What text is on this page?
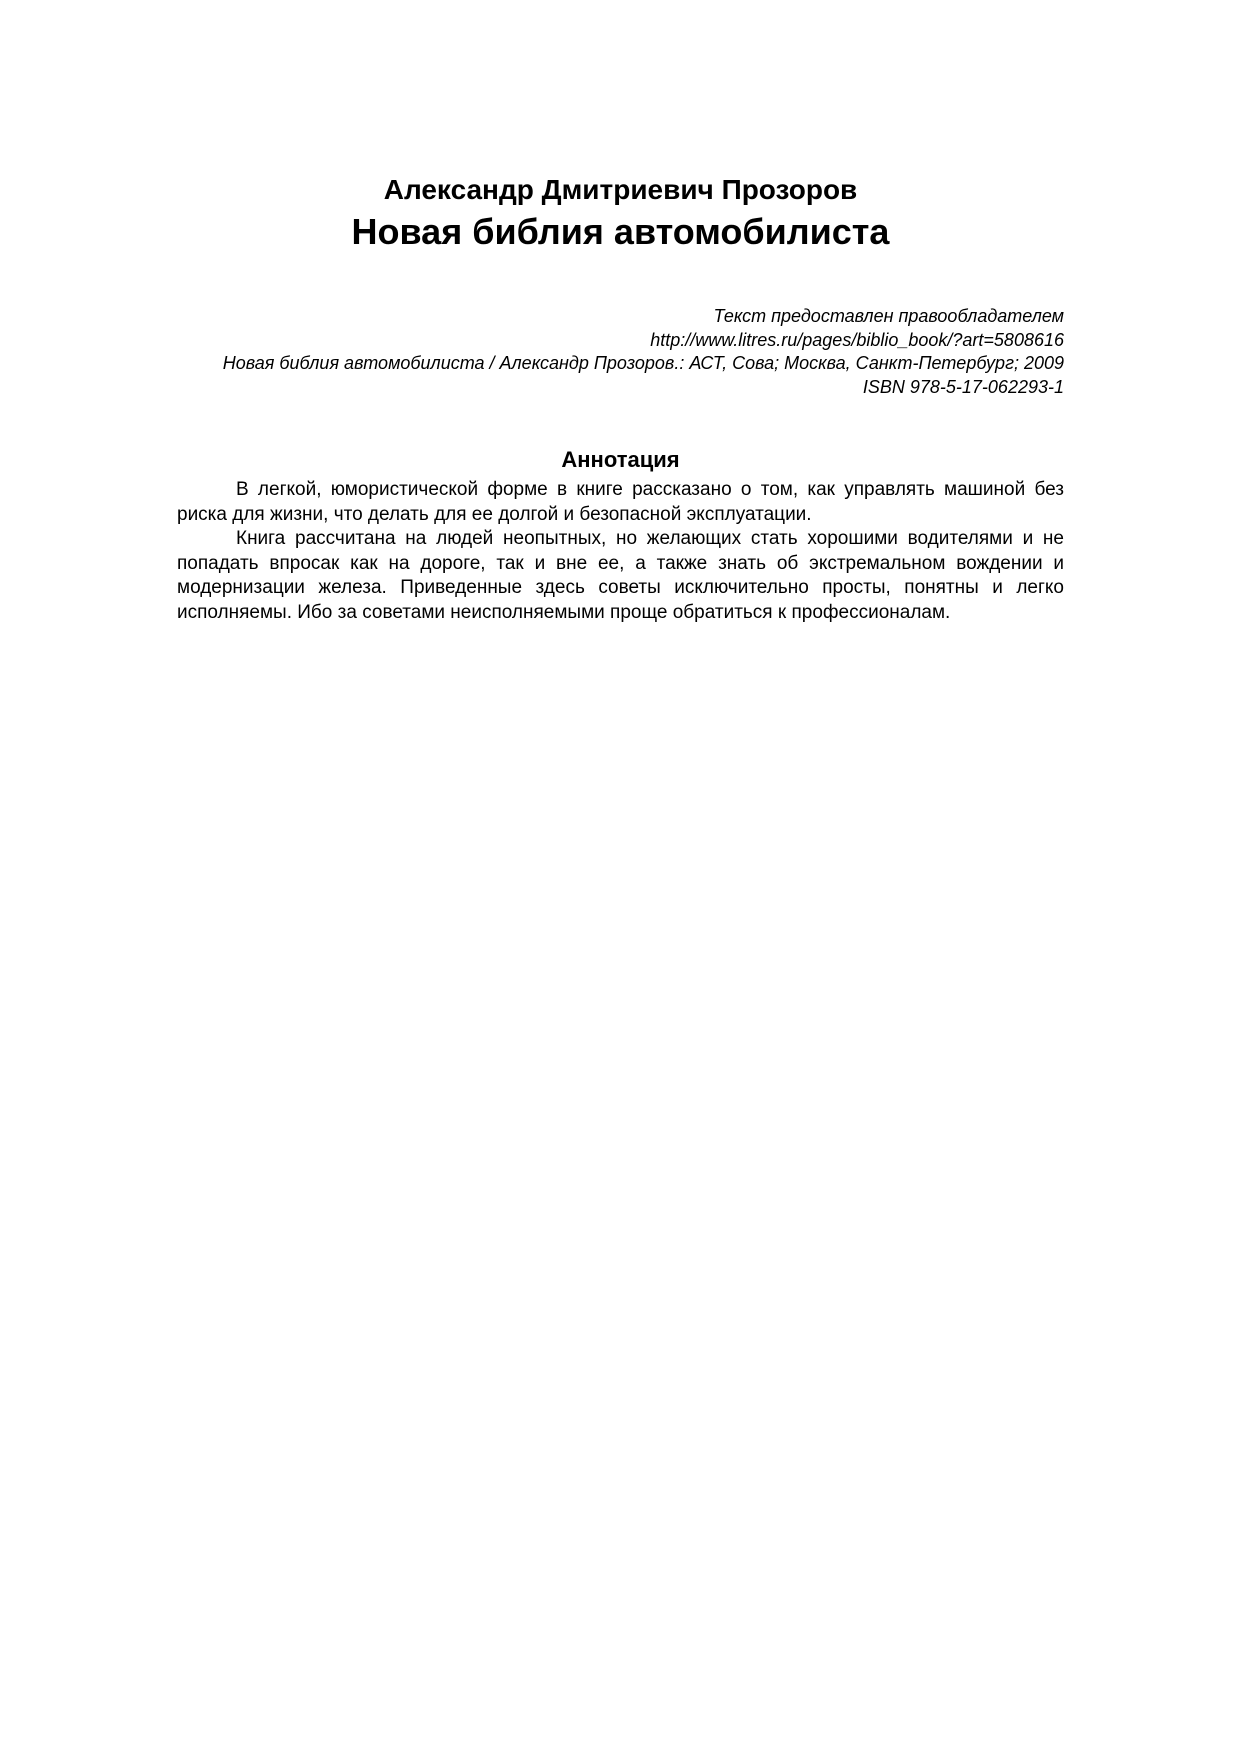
Александр Дмитриевич Прозоров
Новая библия автомобилиста
Текст предоставлен правообладателем
http://www.litres.ru/pages/biblio_book/?art=5808616
Новая библия автомобилиста / Александр Прозоров.: АСТ, Сова; Москва, Санкт-Петербург; 2009
ISBN 978-5-17-062293-1
Аннотация

В легкой, юмористической форме в книге рассказано о том, как управлять машиной без риска для жизни, что делать для ее долгой и безопасной эксплуатации.

Книга рассчитана на людей неопытных, но желающих стать хорошими водителями и не попадать впросак как на дороге, так и вне ее, а также знать об экстремальном вождении и модернизации железа. Приведенные здесь советы исключительно просты, понятны и легко исполняемы. Ибо за советами неисполняемыми проще обратиться к профессионалам.
